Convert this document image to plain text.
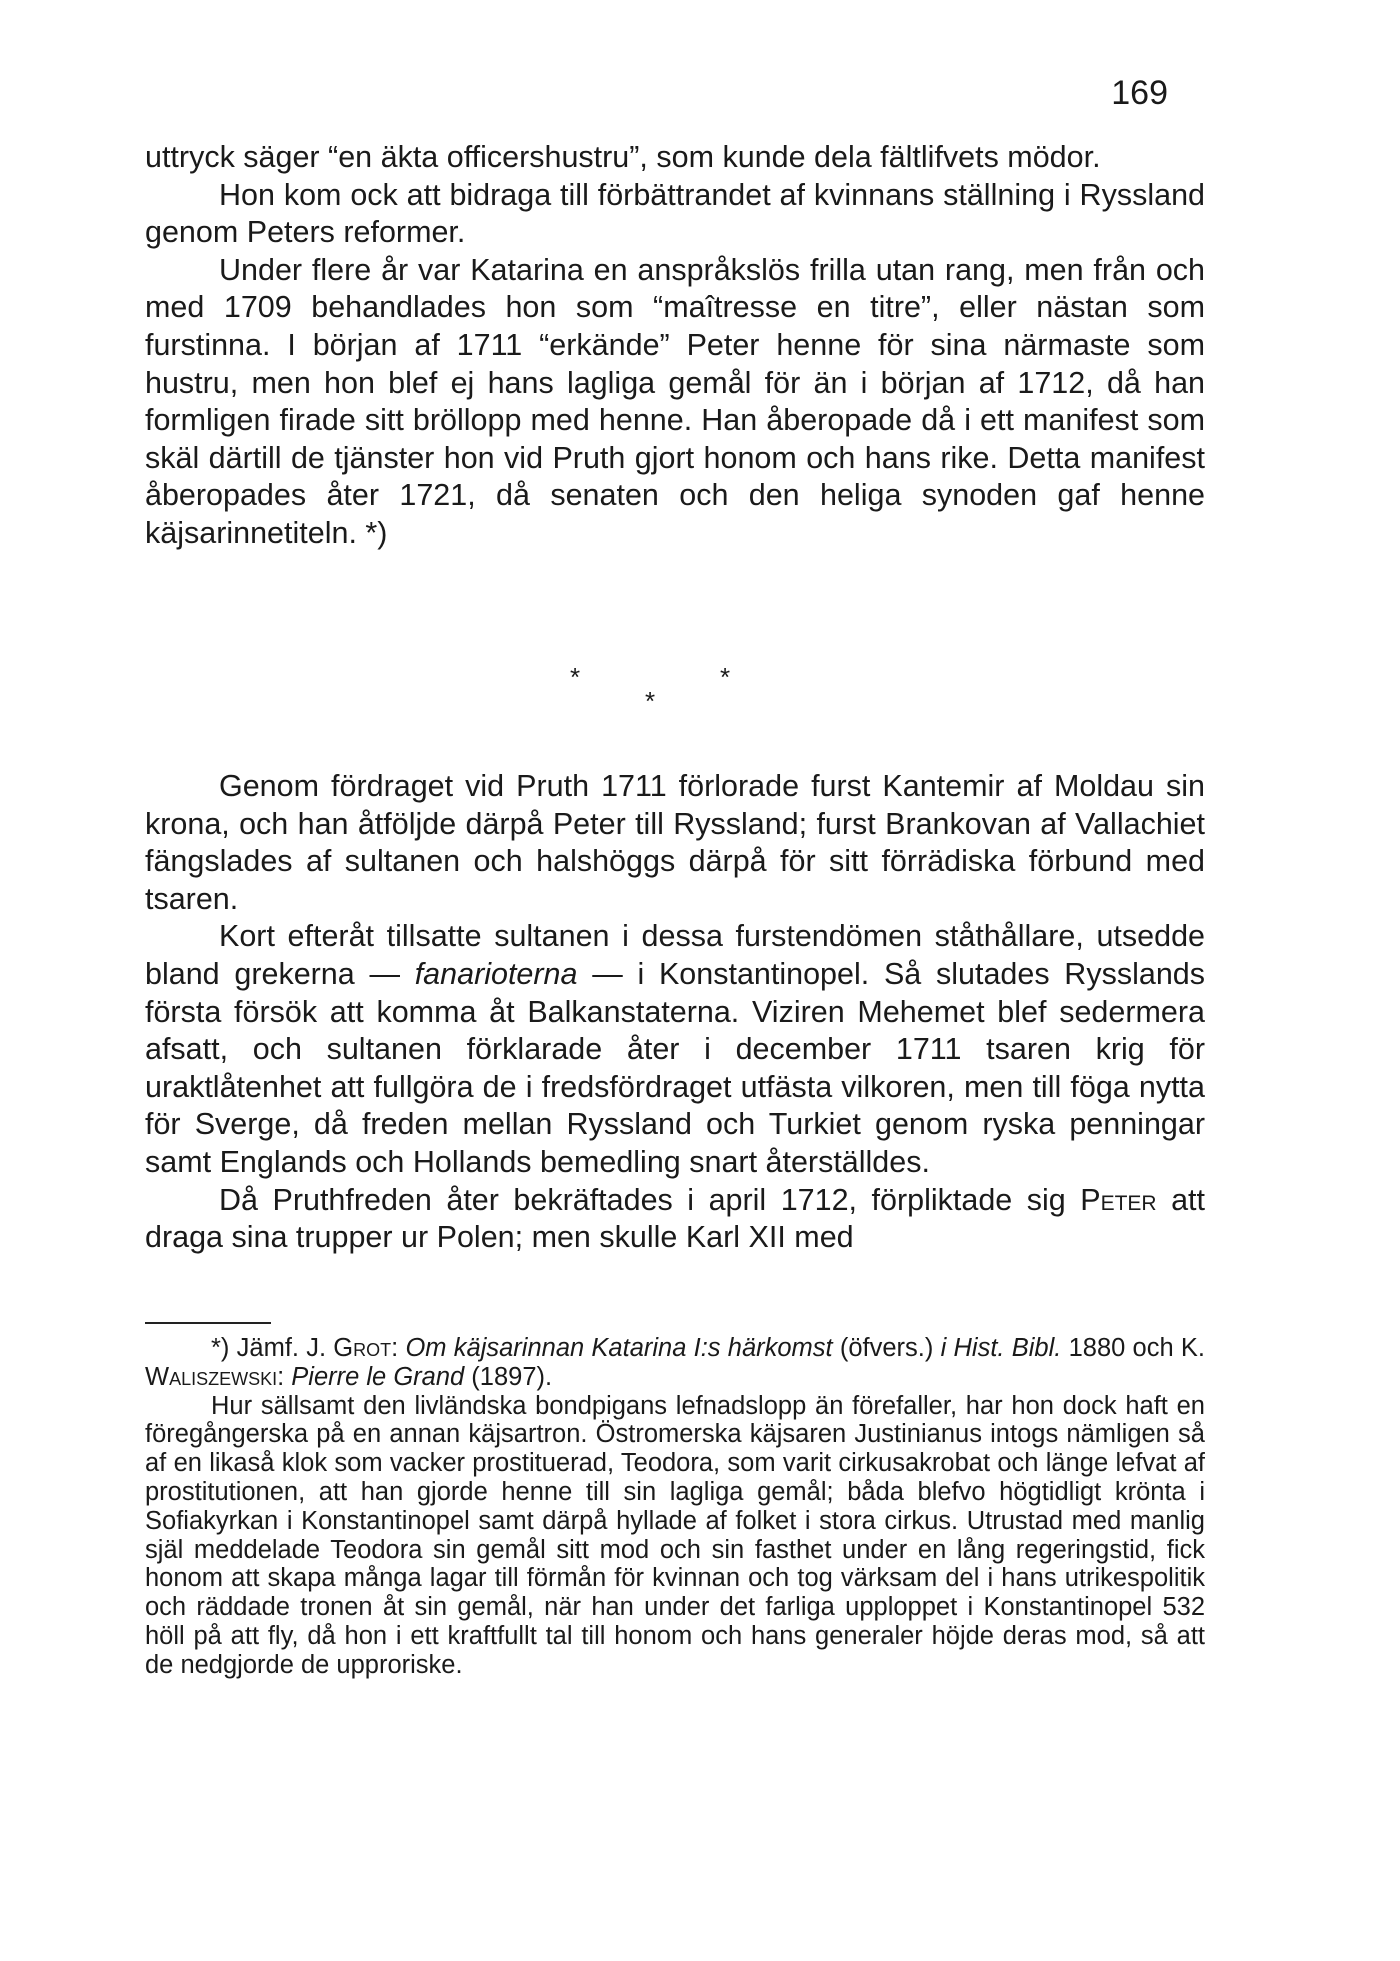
169

uttryck säger “en äkta officershustru”, som kunde dela fältlifvets mödor.

Hon kom ock att bidraga till förbättrandet af kvinnans ställning i Ryssland genom Peters reformer.

Under flere år var Katarina en anspråkslös frilla utan rang, men från och med 1709 behandlades hon som “maîtresse en titre”, eller nästan som furstinna. I början af 1711 “erkände” Peter henne för sina närmaste som hustru, men hon blef ej hans lagliga gemål för än i början af 1712, då han formligen firade sitt bröllopp med henne. Han åberopade då i ett manifest som skäl därtill de tjänster hon vid Pruth gjort honom och hans rike. Detta manifest åberopades åter 1721, då senaten och den heliga synoden gaf henne käjsarinnetiteln. *)

*
*
*

Genom fördraget vid Pruth 1711 förlorade furst Kantemir af Moldau sin krona, och han åtföljde därpå Peter till Ryssland; furst Brankovan af Vallachiet fängslades af sultanen och halshöggs därpå för sitt förrädiska förbund med tsaren.

Kort efteråt tillsatte sultanen i dessa furstendömen ståthållare, utsedde bland grekerna — fanarioterna — i Konstantinopel. Så slutades Rysslands första försök att komma åt Balkanstaterna. Viziren Mehemet blef sedermera afsatt, och sultanen förklarade åter i december 1711 tsaren krig för uraktlåtenhet att fullgöra de i fredsfördraget utfästa vilkoren, men till föga nytta för Sverge, då freden mellan Ryssland och Turkiet genom ryska penningar samt Englands och Hollands bemedling snart återställdes.

Då Pruthfreden åter bekräftades i april 1712, förpliktade sig Peter att draga sina trupper ur Polen; men skulle Karl XII med

*) Jämf. J. Grot: Om käjsarinnan Katarina I:s härkomst (öfvers.) i Hist. Bibl. 1880 och K. Waliszewski: Pierre le Grand (1897).

Hur sällsamt den livländska bondpigans lefnadslopp än förefaller, har hon dock haft en föregångerska på en annan käjsartron. Östromerska käjsaren Justinianus intogs nämligen så af en likaså klok som vacker prostituerad, Teodora, som varit cirkusakrobat och länge lefvat af prostitutionen, att han gjorde henne till sin lagliga gemål; båda blefvo högtidligt krönta i Sofiakyrkan i Konstantinopel samt därpå hyllade af folket i stora cirkus. Utrustad med manlig själ meddelade Teodora sin gemål sitt mod och sin fasthet under en lång regeringstid, fick honom att skapa många lagar till förmån för kvinnan och tog värksam del i hans utrikespolitik och räddade tronen åt sin gemål, när han under det farliga upploppet i Konstantinopel 532 höll på att fly, då hon i ett kraftfullt tal till honom och hans generaler höjde deras mod, så att de nedgjorde de upproriske.
